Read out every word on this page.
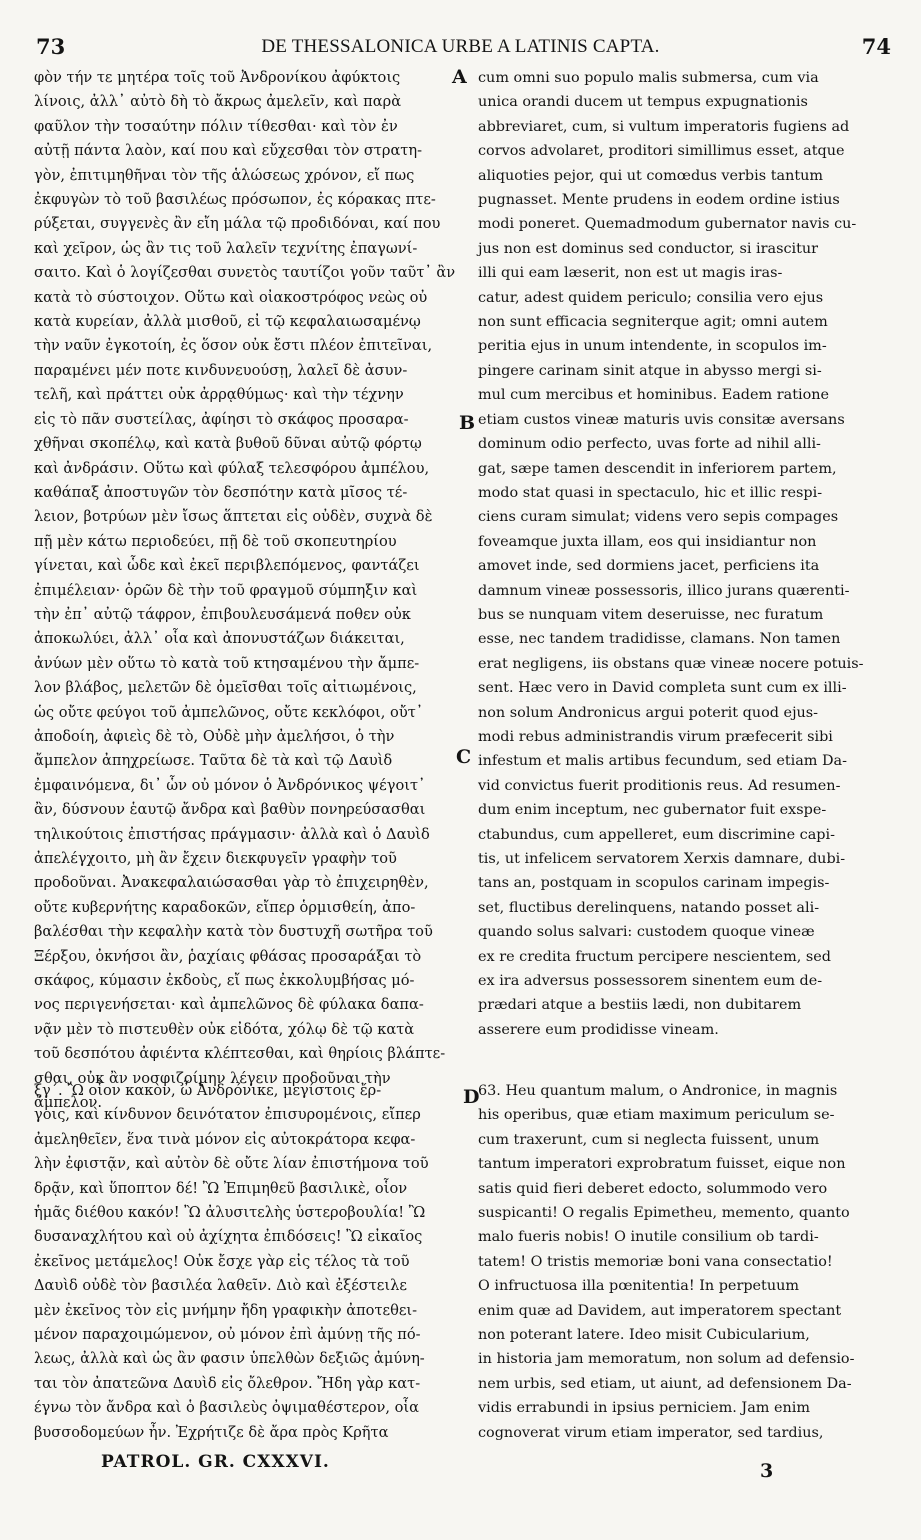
73	DE THESSALONICA URBE A LATINIS CAPTA.	74
φὸν τήν τε μητέρα τοῖς τοῦ Ἀνδρονίκου ἀφύκτοις
λίνοις, ἀλλ᾽ αὐτὸ δὴ τὸ ἄκρως ἀμελεῖν, καὶ παρὰ
φαῦλον τὴν τοσαύτην πόλιν τίθεσθαι· καὶ τὸν ἐν
αὐτῇ πάντα λαὸν, καί που καὶ εὔχεσθαι τὸν στρατη-
γὸν, ἐπιτιμηθῆναι τὸν τῆς ἁλώσεως χρόνον, εἴ πως
ἐκφυγὼν τὸ τοῦ βασιλέως πρόσωπον, ἐς κόρακας πτε-
ρύξεται, συγγενὲς ἂν εἴη μάλα τῷ προδιδόναι, καί που
καὶ χεῖρον, ὡς ἂν τις τοῦ λαλεῖν τεχνίτης ἐπαγωνί-
σαιτο. Καὶ ὁ λογίζεσθαι συνετὸς ταυτίζοι γοῦν ταῦτ᾽ ἂν
κατὰ τὸ σύστοιχον. Οὕτω καὶ οἰακοστρόφος νεὼς οὐ
κατὰ κυρείαν, ἀλλὰ μισθοῦ, εἰ τῷ κεφαλαιωσαμένῳ
τὴν ναῦν ἐγκοτοίη, ἐς ὅσον οὐκ ἔστι πλέον ἐπιτεῖναι,
παραμένει μέν ποτε κινδυνευούσῃ, λαλεῖ δὲ ἀσυν-
τελῆ, καὶ πράττει οὐκ ἀρρᾳθύμως· καὶ τὴν τέχνην
εἰς τὸ πᾶν συστείλας, ἀφίησι τὸ σκάφος προσαρα-
χθῆναι σκοπέλῳ, καὶ κατὰ βυθοῦ δῦναι αὐτῷ φόρτῳ
καὶ ἀνδράσιν. Οὕτω καὶ φύλαξ τελεσφόρου ἀμπέλου,
καθάπαξ ἀποστυγῶν τὸν δεσπότην κατὰ μῖσος τέ-
λειον, βοτρύων μὲν ἴσως ἅπτεται εἰς οὐδὲν, συχνὰ δὲ
πῇ μὲν κάτω περιοδεύει, πῇ δὲ τοῦ σκοπευτηρίου
γίνεται, καὶ ὧδε καὶ ἐκεῖ περιβλεπόμενος, φαντάζει
ἐπιμέλειαν· ὁρῶν δὲ τὴν τοῦ φραγμοῦ σύμπηξιν καὶ
τὴν ἐπ᾽ αὐτῷ τάφρον, ἐπιβουλευσάμενά ποθεν οὐκ
ἀποκωλύει, ἀλλ᾽ οἷα καὶ ἀπονυστάζων διάκειται,
ἀνύων μὲν οὕτω τὸ κατὰ τοῦ κτησαμένου τὴν ἄμπε-
λον βλάβος, μελετῶν δὲ ὀμεῖσθαι τοῖς αἰτιωμένοις,
ὡς οὔτε φεύγοι τοῦ ἀμπελῶνος, οὔτε κεκλόφοι, οὔτ᾽
ἀποδοίη, ἀφιεὶς δὲ τὸ, Οὐδὲ μὴν ἀμελήσοι, ὁ τὴν
ἄμπελον ἀπηχρείωσε. Ταῦτα δὲ τὰ καὶ τῷ Δαυὶδ
ἐμφαινόμενα, δι᾽ ὧν οὐ μόνον ὁ Ἀνδρόνικος ψέγοιτ᾽
ἂν, δύσνουν ἑαυτῷ ἄνδρα καὶ βαθὺν πονηρεύσασθαι
τηλικούτοις ἐπιστήσας πράγμασιν· ἀλλὰ καὶ ὁ Δαυὶδ
ἀπελέγχοιτο, μὴ ἂν ἔχειν διεκφυγεῖν γραφὴν τοῦ
προδοῦναι. Ἀνακεφαλαιώσασθαι γὰρ τὸ ἐπιχειρηθὲν,
οὔτε κυβερνήτης καραδοκῶν, εἴπερ ὁρμισθείη, ἀπο-
βαλέσθαι τὴν κεφαλὴν κατὰ τὸν δυστυχῆ σωτῆρα τοῦ
Ξέρξου, ὀκνήσοι ἂν, ῥαχίαις φθάσας προσαράξαι τὸ
σκάφος, κύμασιν ἐκδοὺς, εἴ πως ἐκκολυμβήσας μό-
νος περιγενήσεται· καὶ ἀμπελῶνος δὲ φύλακα δαπα-
νᾷν μὲν τὸ πιστευθὲν οὐκ εἰδότα, χόλῳ δὲ τῷ κατὰ
τοῦ δεσπότου ἀφιέντα κλέπτεσθαι, καὶ θηρίοις βλάπτε-
σθαι, οὐκ ἂν νοσφιζοίμην λέγειν προδοῦναι τὴν
ἄμπελον.
ξγ΄. Ὢ οἷον κακὸν, ὦ Ἀνδρόνικε, μεγίστοις ἔρ-
γοις, καὶ κίνδυνον δεινότατον ἐπισυρομένοις, εἴπερ
ἀμεληθεῖεν, ἕνα τινὰ μόνον εἰς αὐτοκράτορα κεφα-
λὴν ἐφιστᾷν, καὶ αὐτὸν δὲ οὔτε λίαν ἐπιστήμονα τοῦ
δρᾷν, καὶ ὕποπτον δέ! Ὢ Ἐπιμηθεῦ βασιλικὲ, οἷον
ἡμᾶς διέθου κακόν! Ὢ ἀλυσιτελὴς ὑστεροβουλία! Ὢ
δυσαναχλήτου καὶ οὐ ἀχίχητα ἐπιδόσεις! Ὢ εἰκαῖος
ἐκεῖνος μετάμελος! Οὐκ ἔσχε γὰρ εἰς τέλος τὰ τοῦ
Δαυὶδ οὐδὲ τὸν βασιλέα λαθεῖν. Διὸ καὶ ἐξέστειλε
μὲν ἐκεῖνος τὸν εἰς μνήμην ἤδη γραφικὴν ἀποτεθει-
μένον παραχοιμώμενον, οὐ μόνον ἐπὶ ἀμύνῃ τῆς πό-
λεως, ἀλλὰ καὶ ὡς ἂν φασιν ὑπελθὼν δεξιῶς ἀμύνη-
ται τὸν ἀπατεῶνα Δαυὶδ εἰς ὄλεθρον. Ἤδη γὰρ κατ-
έγνω τὸν ἄνδρα καὶ ὁ βασιλεὺς ὀψιμαθέστερον, οἷα
βυσσοδομεύων ἦν. Ἐχρήτιζε δὲ ἄρα πρὸς Κρῆτα
cum omni suo populo malis submersa, cum via
unica orandi ducem ut tempus expugnationis
abbreviaret, cum, si vultum imperatoris fugiens ad
corvos advolaret, proditori simillimus esset, atque
aliquoties pejor, qui ut comœdus verbis tantum
pugnasset. Mente prudens in eodem ordine istius
modi poneret. Quemadmodum gubernator navis cu-
jus non est dominus sed conductor, si irascitur
illi qui eam læserit, non est ut magis iras-
catur, adest quidem periculo; consilia vero ejus
non sunt efficacia segniterque agit; omni autem
peritia ejus in unum intendente, in scopulos im-
pingere carinam sinit atque in abysso mergi si-
mul cum mercibus et hominibus. Eadem ratione
etiam custos vineæ maturis uvis consitæ aversans
dominum odio perfecto, uvas forte ad nihil alli-
gat, sæpe tamen descendit in inferiorem partem,
modo stat quasi in spectaculo, hic et illic respi-
ciens curam simulat; videns vero sepis compages
foveamque juxta illam, eos qui insidiantur non
amovet inde, sed dormiens jacet, perficiens ita
damnum vineæ possessoris, illico jurans quærenti-
bus se nunquam vitem deseruisse, nec furatum
esse, nec tandem tradidisse, clamans. Non tamen
erat negligens, iis obstans quæ vineæ nocere potuis-
sent. Hæc vero in David completa sunt cum ex illi-
non solum Andronicus argui poterit quod ejus-
modi rebus administrandis virum præfecerit sibi
infestum et malis artibus fecundum, sed etiam Da-
vid convictus fuerit proditionis reus. Ad resumen-
dum enim inceptum, nec gubernator fuit exspe-
ctabundus, cum appelleret, eum discrimine capi-
tis, ut infelicem servatorem Xerxis damnare, dubi-
tans an, postquam in scopulos carinam impegis-
set, fluctibus derelinquens, natando posset ali-
quando solus salvari: custodem quoque vineæ
ex re credita fructum percipere nescientem, sed
ex ira adversus possessorem sinentem eum de-
prædari atque a bestiis lædi, non dubitarem
asserere eum prodidisse vineam.
63. Heu quantum malum, o Andronice, in magnis
his operibus, quæ etiam maximum periculum se-
cum traxerunt, cum si neglecta fuissent, unum
tantum imperatori exprobratum fuisset, eique non
satis quid fieri deberet edocto, solummodo vero
suspicanti! O regalis Epimetheu, memento, quanto
malo fueris nobis! O inutile consilium ob tardi-
tatem! O tristis memoriæ boni vana consectatio!
O infructuosa illa pœnitentia! In perpetuum
enim quæ ad Davidem, aut imperatorem spectant
non poterant latere. Ideo misit Cubicularium,
in historia jam memoratum, non solum ad defensio-
nem urbis, sed etiam, ut aiunt, ad defensionem Da-
vidis errabundi in ipsius perniciem. Jam enim
cognoverat virum etiam imperator, sed tardius,
A
B
C
D
PATROL. GR. CXXXVI.	3
